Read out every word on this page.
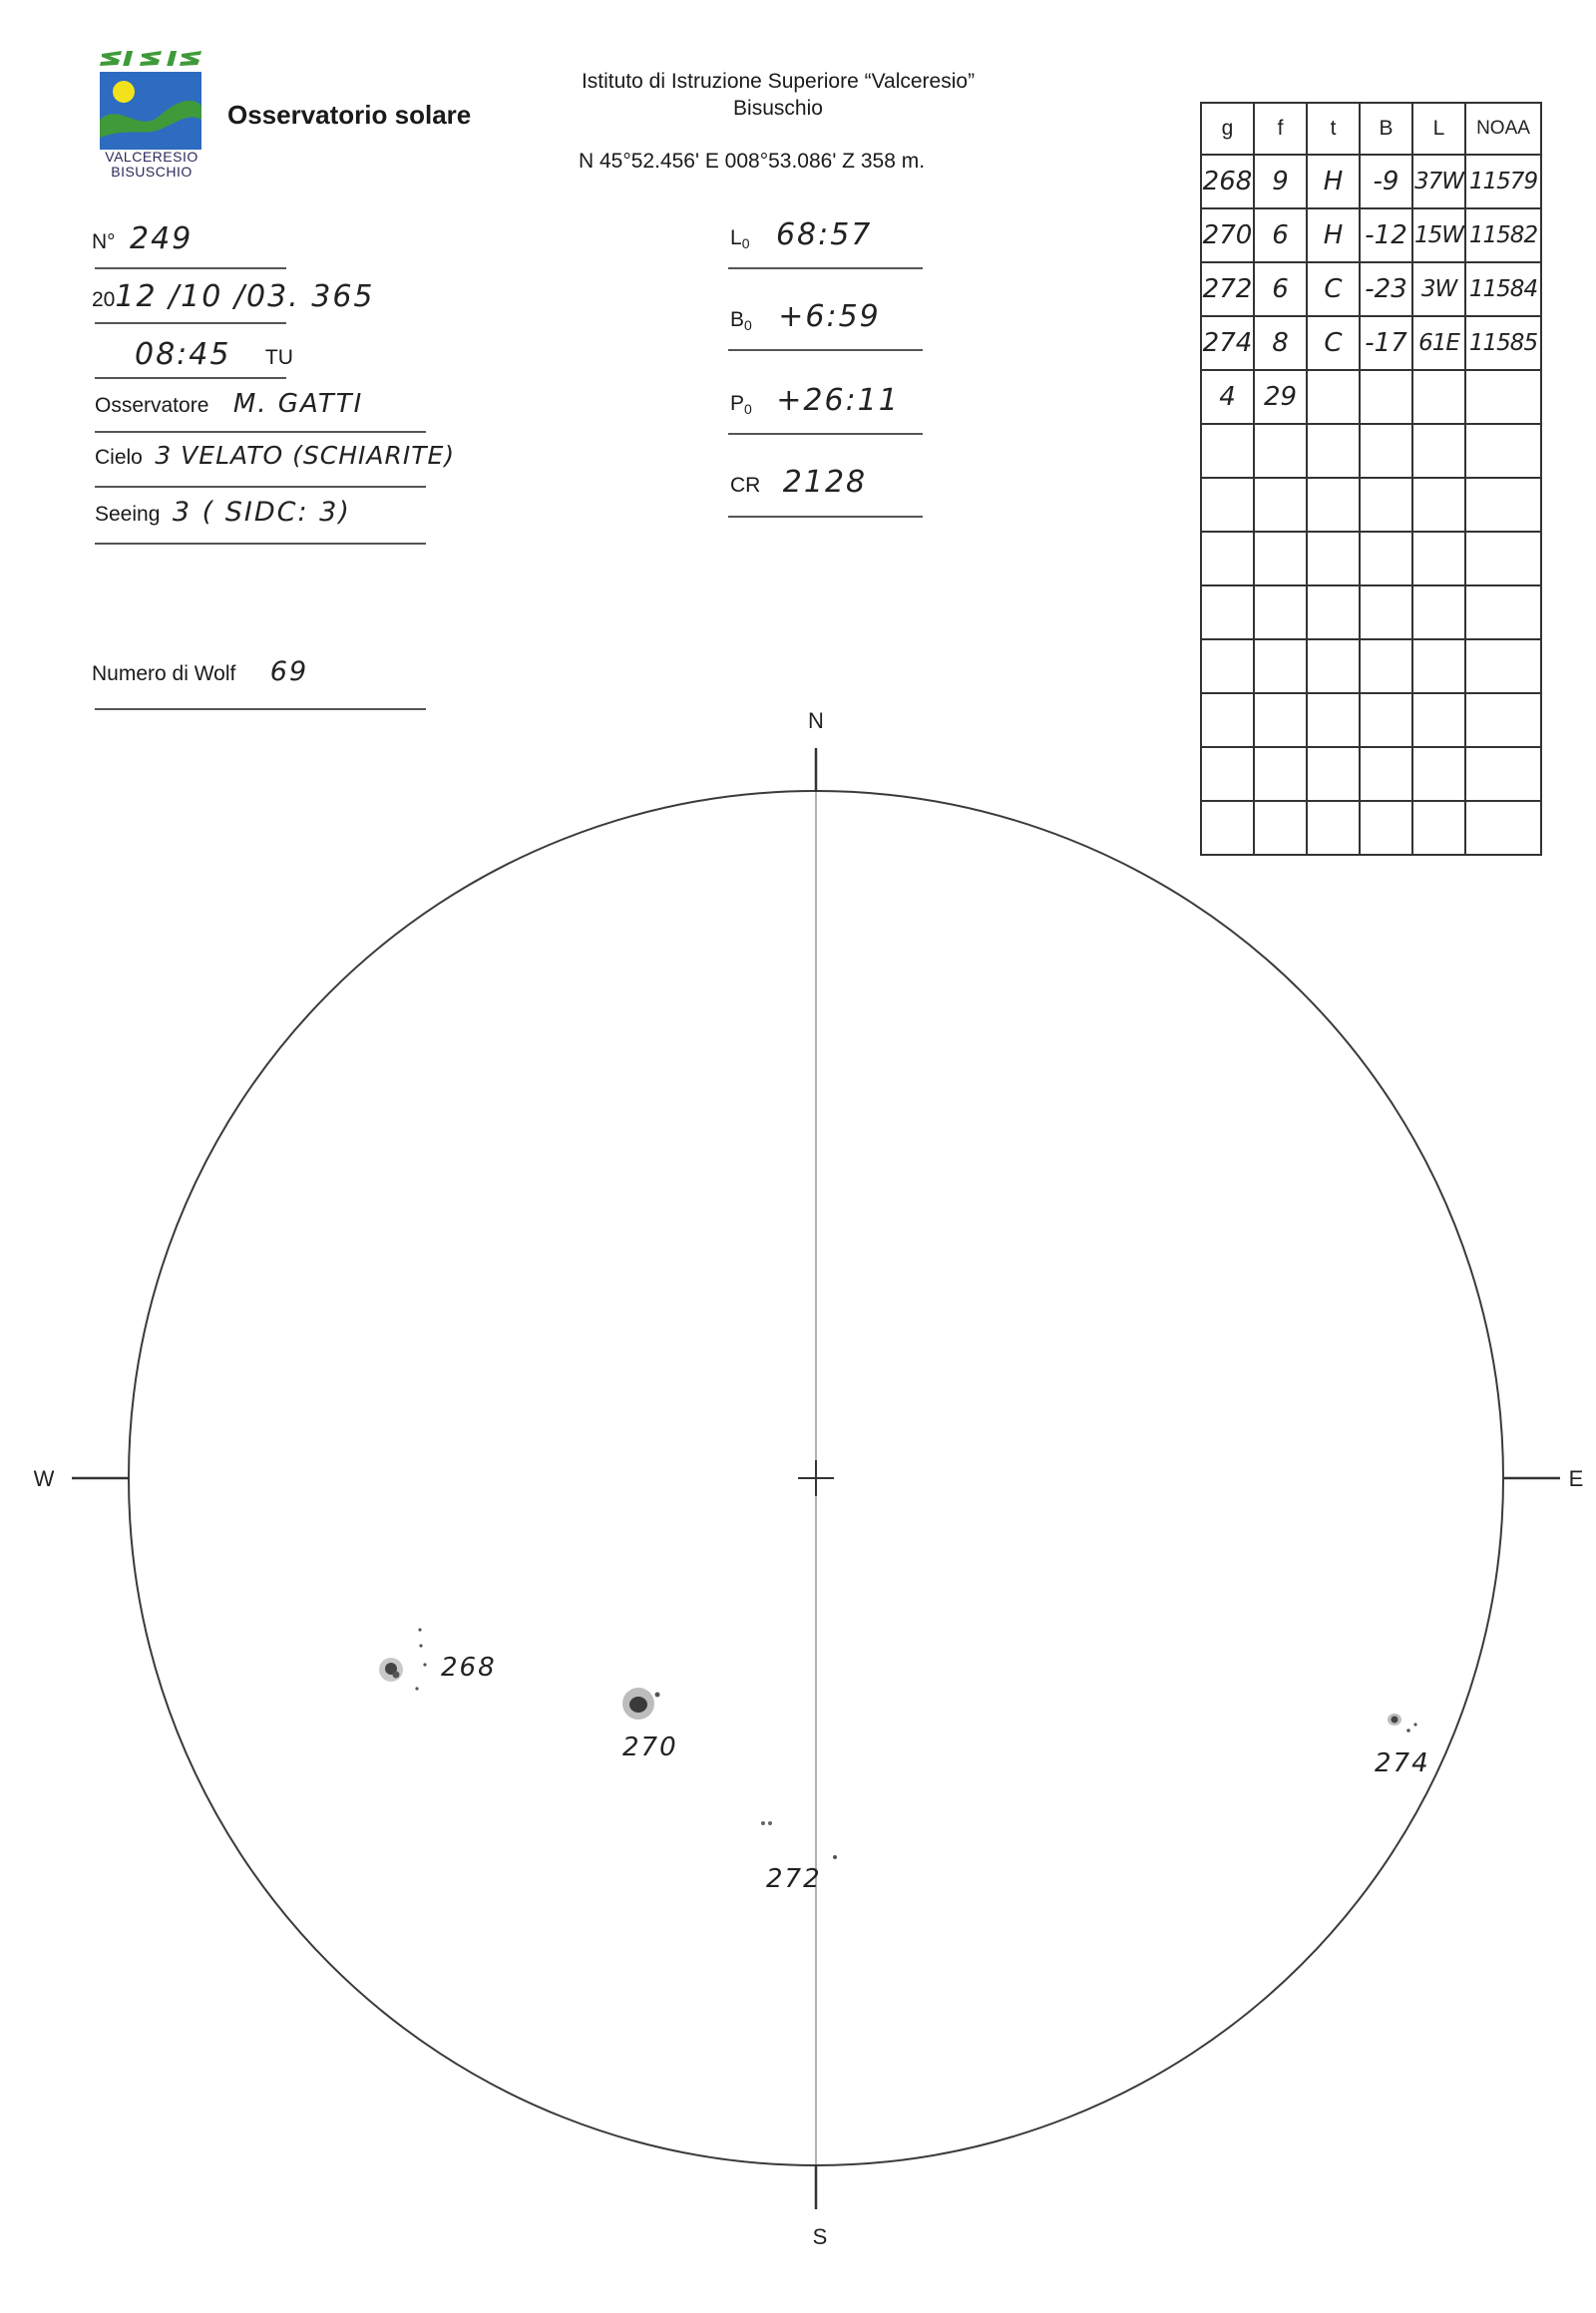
VALCERESIO
BISUSCHIO
Osservatorio solare
Istituto di Istruzione Superiore “Valceresio”
Bisuschio
N 45°52.456' E 008°53.086' Z 358 m.
N° 249
2012 /10 /03. 365
08:45 TU
Osservatore M. GATTI
Cielo 3 VELATO (SCHIARITE)
Seeing 3 ( SIDC: 3)
Numero di Wolf 69
$L_0$ 68:57
$B_0$ +6:59
$P_0$ +26:11
CR 2128
g	f	t	B	L	NOAA
268	9	H	-9	37W	11579
270	6	H	-12	15W	11582
272	6	C	-23	3W	11584
274	8	C	-17	61E	11585
4	29				

N
S
W	E
268
270
272
274
